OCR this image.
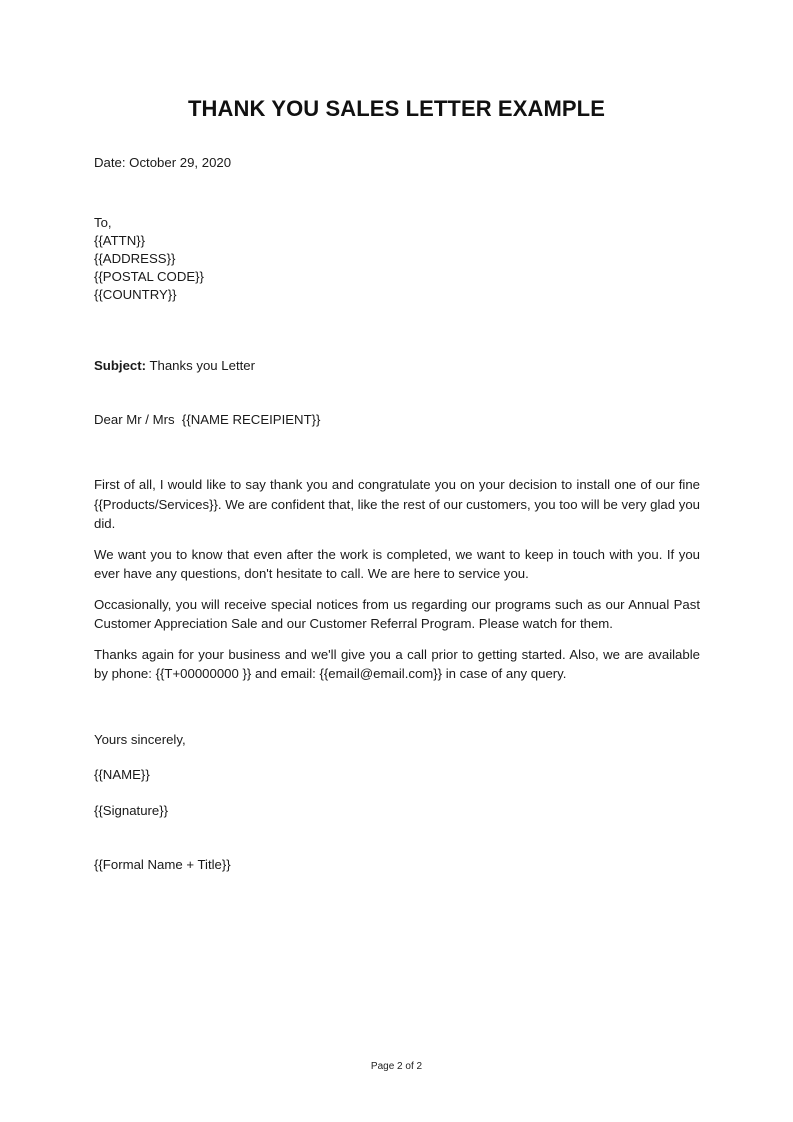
THANK YOU SALES LETTER EXAMPLE
Date: October 29, 2020
To,
{{ATTN}}
{{ADDRESS}}
{{POSTAL CODE}}
{{COUNTRY}}
Subject: Thanks you Letter
Dear Mr / Mrs  {{NAME RECEIPIENT}}

First of all, I would like to say thank you and congratulate you on your decision to install one of our fine {{Products/Services}}. We are confident that, like the rest of our customers, you too will be very glad you did.

We want you to know that even after the work is completed, we want to keep in touch with you. If you ever have any questions, don't hesitate to call. We are here to service you.

Occasionally, you will receive special notices from us regarding our programs such as our Annual Past Customer Appreciation Sale and our Customer Referral Program. Please watch for them.

Thanks again for your business and we'll give you a call prior to getting started. Also, we are available by phone: {{T+00000000 }} and email: {{email@email.com}} in case of any query.

Yours sincerely,
{{NAME}}
{{Signature}}
{{Formal Name + Title}}
Page 2 of 2
